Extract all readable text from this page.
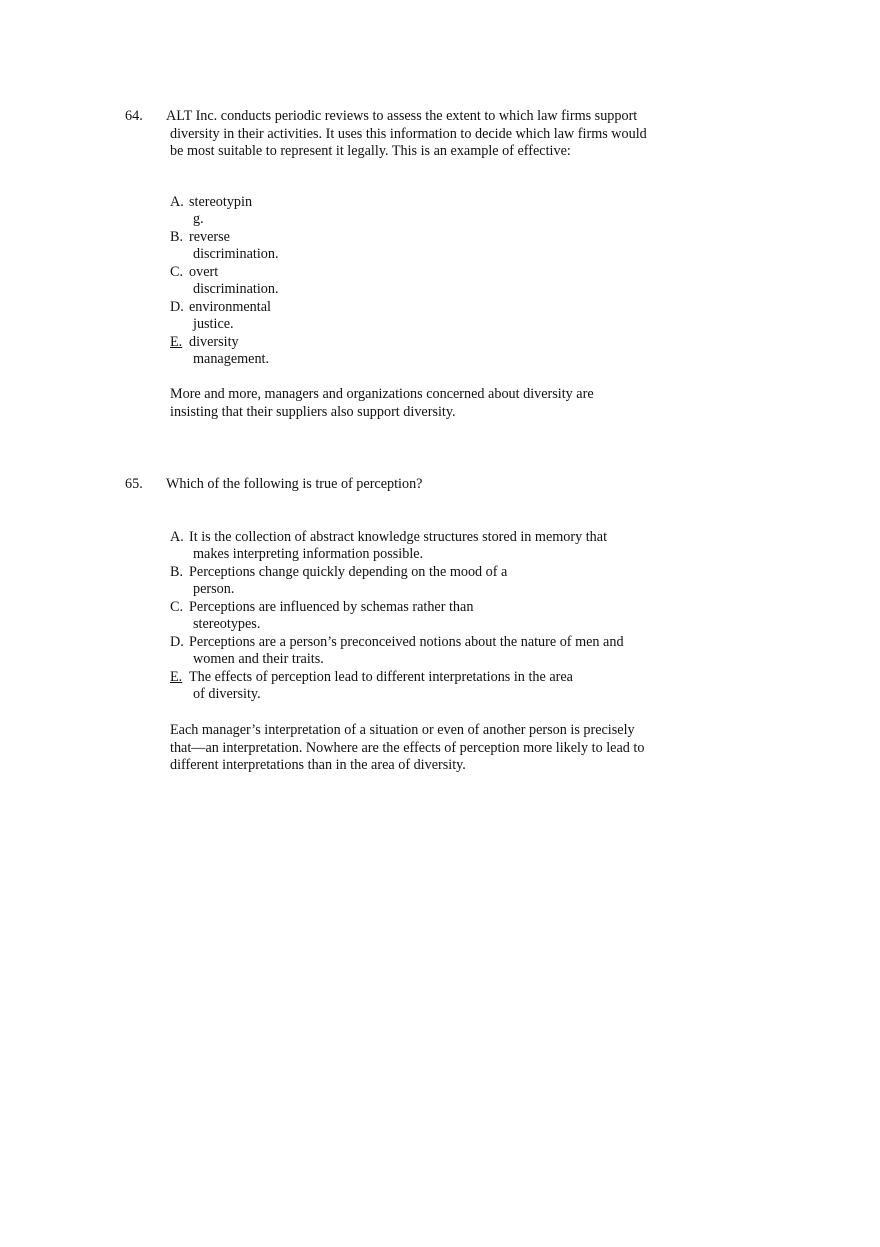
64.	ALT Inc. conducts periodic reviews to assess the extent to which law firms support
diversity in their activities. It uses this information to decide which law firms would
be most suitable to represent it legally. This is an example of effective:
A. stereotypin
g.
B. reverse
discrimination.
C. overt
discrimination.
D. environmental
justice.
E. diversity
management.
More and more, managers and organizations concerned about diversity are
insisting that their suppliers also support diversity.
65.	Which of the following is true of perception?
A. It is the collection of abstract knowledge structures stored in memory that
makes interpreting information possible.
B. Perceptions change quickly depending on the mood of a
person.
C. Perceptions are influenced by schemas rather than
stereotypes.
D. Perceptions are a person’s preconceived notions about the nature of men and
women and their traits.
E. The effects of perception lead to different interpretations in the area
of diversity.
Each manager’s interpretation of a situation or even of another person is precisely
that—an interpretation. Nowhere are the effects of perception more likely to lead to
different interpretations than in the area of diversity.
